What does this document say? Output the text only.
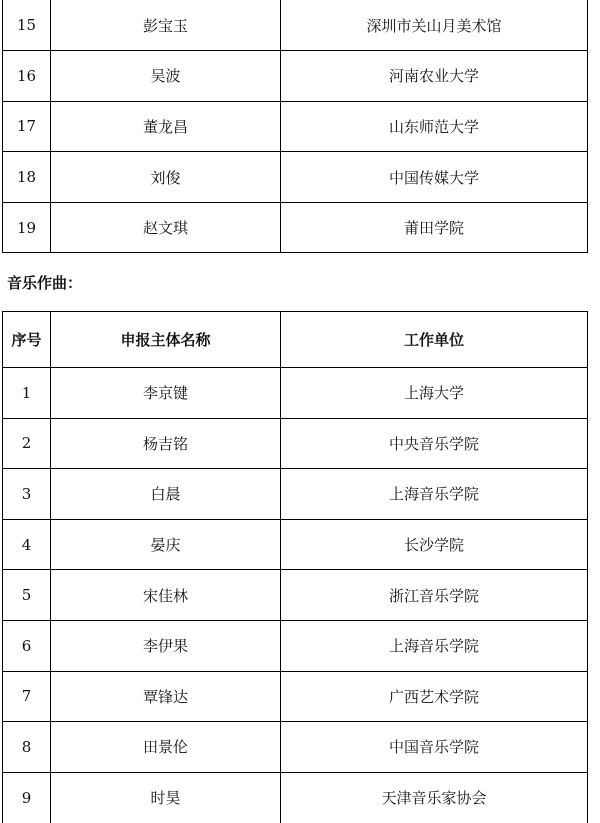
15	彭宝玉	深圳市关山月美术馆
16	吴波	河南农业大学
17	董龙昌	山东师范大学
18	刘俊	中国传媒大学
19	赵文琪	莆田学院

音乐作曲：

序号	申报主体名称	工作单位
1	李京键	上海大学
2	杨吉铭	中央音乐学院
3	白晨	上海音乐学院
4	晏庆	长沙学院
5	宋佳林	浙江音乐学院
6	李伊果	上海音乐学院
7	覃锋达	广西艺术学院
8	田景伦	中国音乐学院
9	时昊	天津音乐家协会
